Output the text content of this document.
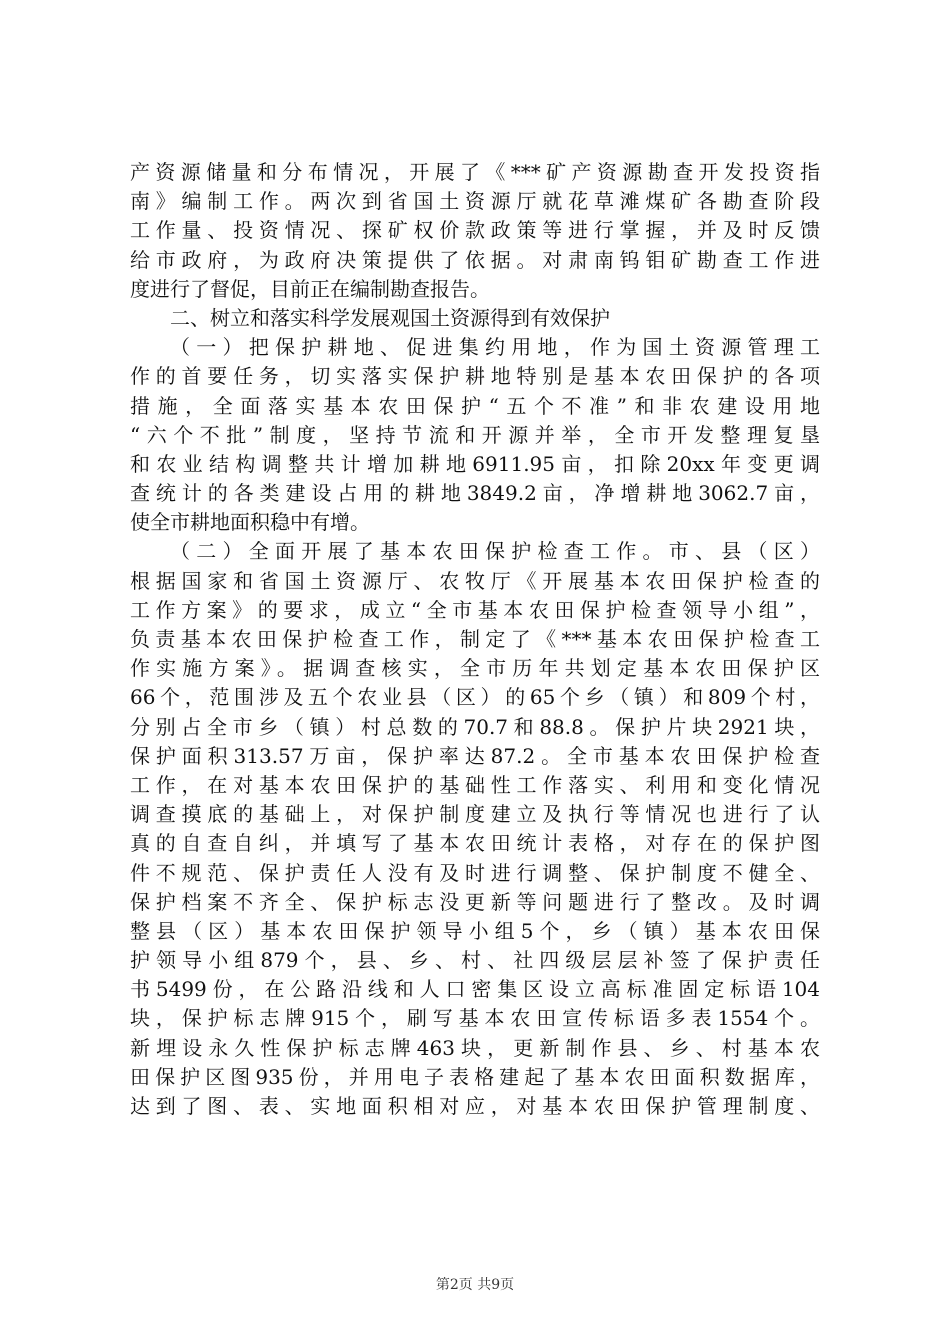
产资源储量和分布情况，开展了《***矿产资源勘查开发投资指
南》编制工作。两次到省国土资源厅就花草滩煤矿各勘查阶段
工作量、投资情况、探矿权价款政策等进行掌握，并及时反馈
给市政府，为政府决策提供了依据。对肃南钨钼矿勘查工作进
度进行了督促，目前正在编制勘查报告。
二、树立和落实科学发展观国土资源得到有效保护
（一）把保护耕地、促进集约用地，作为国土资源管理工
作的首要任务，切实落实保护耕地特别是基本农田保护的各项
措施，全面落实基本农田保护“五个不准”和非农建设用地
“六个不批”制度，坚持节流和开源并举，全市开发整理复垦
和农业结构调整共计增加耕地6911.95亩，扣除20xx年变更调
查统计的各类建设占用的耕地3849.2亩，净增耕地3062.7亩，
使全市耕地面积稳中有增。
（二）全面开展了基本农田保护检查工作。市、县（区）
根据国家和省国土资源厅、农牧厅《开展基本农田保护检查的
工作方案》的要求，成立“全市基本农田保护检查领导小组”，
负责基本农田保护检查工作，制定了《***基本农田保护检查工
作实施方案》。据调查核实，全市历年共划定基本农田保护区
66个，范围涉及五个农业县（区）的65个乡（镇）和809个村，
分别占全市乡（镇）村总数的70.7和88.8。保护片块2921块，
保护面积313.57万亩，保护率达87.2。全市基本农田保护检查
工作，在对基本农田保护的基础性工作落实、利用和变化情况
调查摸底的基础上，对保护制度建立及执行等情况也进行了认
真的自查自纠，并填写了基本农田统计表格，对存在的保护图
件不规范、保护责任人没有及时进行调整、保护制度不健全、
保护档案不齐全、保护标志没更新等问题进行了整改。及时调
整县（区）基本农田保护领导小组5个，乡（镇）基本农田保
护领导小组879个，县、乡、村、社四级层层补签了保护责任
书5499份，在公路沿线和人口密集区设立高标准固定标语104
块，保护标志牌915个，刷写基本农田宣传标语多表1554个。
新埋设永久性保护标志牌463块，更新制作县、乡、村基本农
田保护区图935份，并用电子表格建起了基本农田面积数据库，
达到了图、表、实地面积相对应，对基本农田保护管理制度、
第2页 共9页
